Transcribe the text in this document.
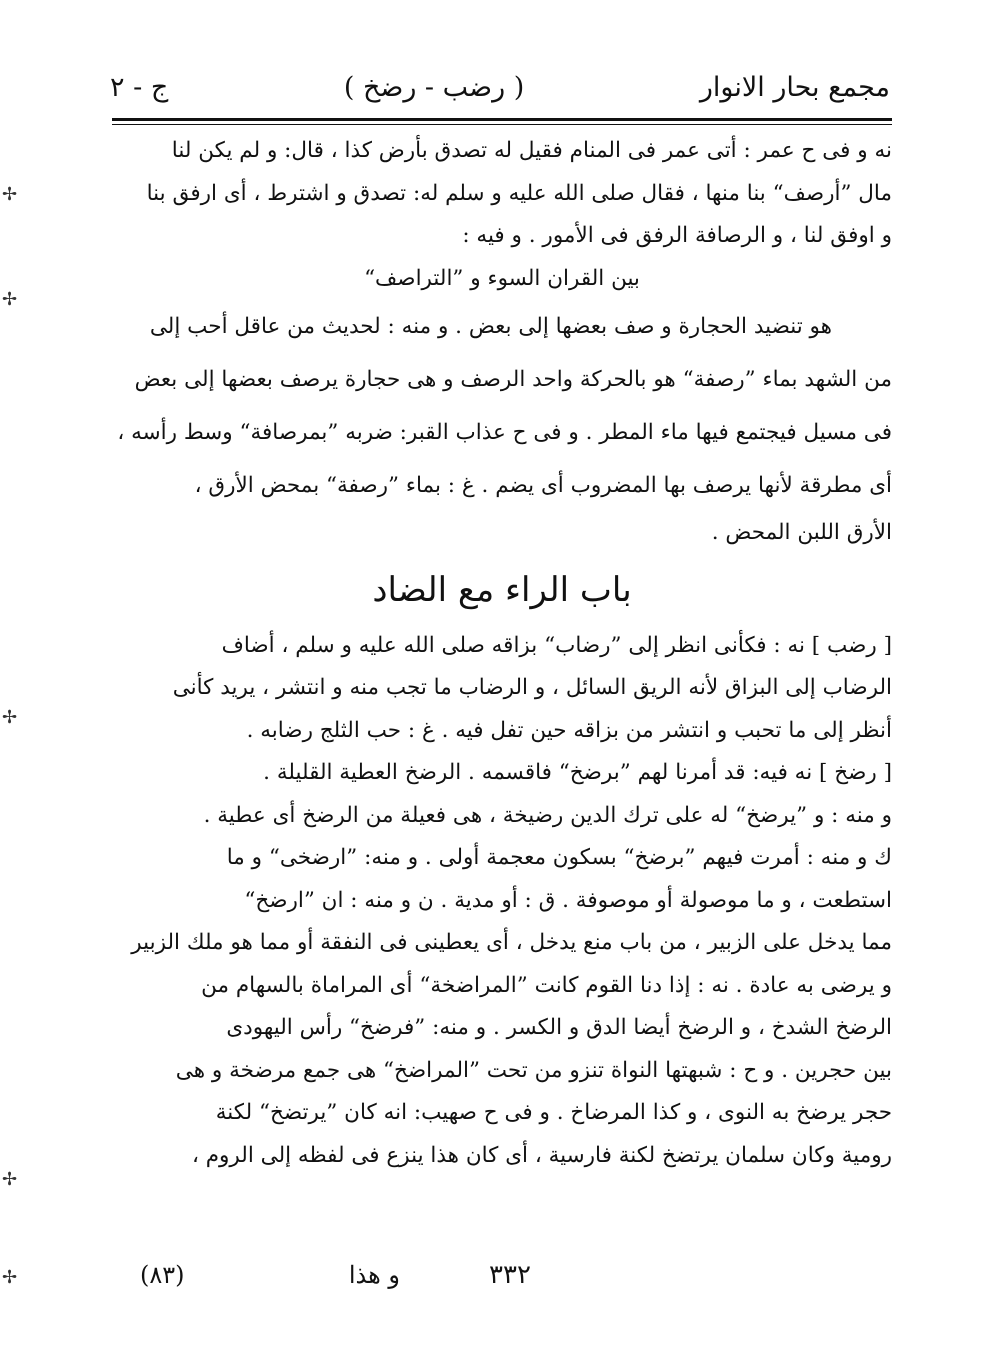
مجمع بحار الانوار
( رضب - رضخ )
ج - ٢
نه و فى ح عمر : أتى عمر فى المنام فقيل له تصدق بأرض كذا ، قال: و لم يكن لنا
مال ”أرصف“ بنا منها ، فقال صلى الله عليه و سلم له: تصدق و اشترط ، أى ارفق بنا
و اوفق لنا ، و الرصافة الرفق فى الأمور . و فيه :
بين القران السوء و ”التراصف“
هو تنضيد الحجارة و صف بعضها إلى بعض . و منه : لحديث من عاقل أحب إلى
من الشهد بماء ”رصفة“ هو بالحركة واحد الرصف و هى حجارة يرصف بعضها إلى بعض
فى مسيل فيجتمع فيها ماء المطر . و فى ح عذاب القبر: ضربه ”بمرصافة“ وسط رأسه ،
أى مطرقة لأنها يرصف بها المضروب أى يضم . غ : بماء ”رصفة“ بمحض الأرق ،
الأرق اللبن المحض .
باب الراء مع الضاد
[ رضب ] نه : فكأنى انظر إلى ”رضاب“ بزاقه صلى الله عليه و سلم ، أضاف
الرضاب إلى البزاق لأنه الريق السائل ، و الرضاب ما تجب منه و انتشر ، يريد كأنى
أنظر إلى ما تحبب و انتشر من بزاقه حين تفل فيه . غ : حب الثلج رضابه .
[ رضخ ] نه فيه: قد أمرنا لهم ”برضخ“ فاقسمه . الرضخ العطية القليلة .
و منه : و ”يرضخ“ له على ترك الدين رضيخة ، هى فعيلة من الرضخ أى عطية .
ك و منه : أمرت فيهم ”برضخ“ بسكون معجمة أولى . و منه: ”ارضخى“ و ما
استطعت ، و ما موصولة أو موصوفة . ق : أو مدية . ن و منه : ان ”ارضخ“
مما يدخل على الزبير ، من باب منع يدخل ، أى يعطينى فى النفقة أو مما هو ملك الزبير
و يرضى به عادة . نه : إذا دنا القوم كانت ”المراضخة“ أى المراماة بالسهام من
الرضخ الشدخ ، و الرضخ أيضا الدق و الكسر . و منه: ”فرضخ“ رأس اليهودى
بين حجرين . و ح : شبهتها النواة تنزو من تحت ”المراضخ“ هى جمع مرضخة و هى
حجر يرضخ به النوى ، و كذا المرضاخ . و فى ح صهيب: انه كان ”يرتضخ“ لكنة
رومية وكان سلمان يرتضخ لكنة فارسية ، أى كان هذا ينزع فى لفظه إلى الروم ،
و هذا
(٨٣)	٣٣٢
✢
✢
✢
✢
✢
